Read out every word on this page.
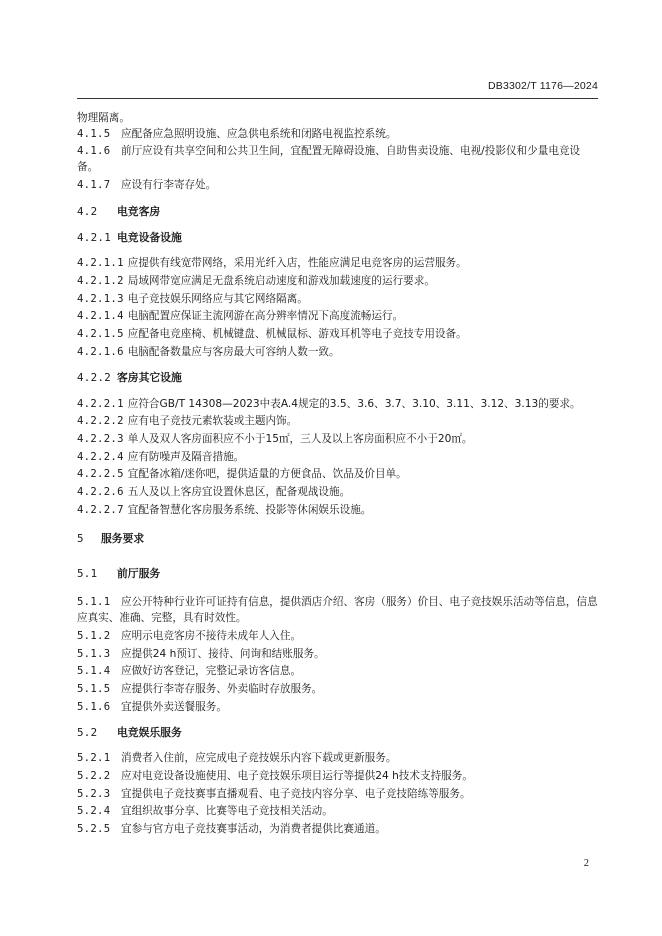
DB3302/T 1176—2024
物理隔离。
4.1.5 应配备应急照明设施、应急供电系统和闭路电视监控系统。
4.1.6 前厅应设有共享空间和公共卫生间，宜配置无障碍设施、自助售卖设施、电视/投影仪和少量电竞设备。
4.1.7 应设有行李寄存处。
4.2 电竞客房
4.2.1 电竞设备设施
4.2.1.1 应提供有线宽带网络，采用光纤入店，性能应满足电竞客房的运营服务。
4.2.1.2 局域网带宽应满足无盘系统启动速度和游戏加载速度的运行要求。
4.2.1.3 电子竞技娱乐网络应与其它网络隔离。
4.2.1.4 电脑配置应保证主流网游在高分辨率情况下高度流畅运行。
4.2.1.5 应配备电竞座椅、机械键盘、机械鼠标、游戏耳机等电子竞技专用设备。
4.2.1.6 电脑配备数量应与客房最大可容纳人数一致。
4.2.2 客房其它设施
4.2.2.1 应符合GB/T 14308—2023中表A.4规定的3.5、3.6、3.7、3.10、3.11、3.12、3.13的要求。
4.2.2.2 应有电子竞技元素软装或主题内饰。
4.2.2.3 单人及双人客房面积应不小于15㎡，三人及以上客房面积应不小于20㎡。
4.2.2.4 应有防噪声及隔音措施。
4.2.2.5 宜配备冰箱/迷你吧，提供适量的方便食品、饮品及价目单。
4.2.2.6 五人及以上客房宜设置休息区，配备观战设施。
4.2.2.7 宜配备智慧化客房服务系统、投影等休闲娱乐设施。
5 服务要求
5.1 前厅服务
5.1.1 应公开特种行业许可证持有信息，提供酒店介绍、客房（服务）价目、电子竞技娱乐活动等信息，信息应真实、准确、完整，具有时效性。
5.1.2 应明示电竞客房不接待未成年人入住。
5.1.3 应提供24 h预订、接待、问询和结账服务。
5.1.4 应做好访客登记，完整记录访客信息。
5.1.5 应提供行李寄存服务、外卖临时存放服务。
5.1.6 宜提供外卖送餐服务。
5.2 电竞娱乐服务
5.2.1 消费者入住前，应完成电子竞技娱乐内容下载或更新服务。
5.2.2 应对电竞设备设施使用、电子竞技娱乐项目运行等提供24 h技术支持服务。
5.2.3 宜提供电子竞技赛事直播观看、电子竞技内容分享、电子竞技陪练等服务。
5.2.4 宜组织故事分享、比赛等电子竞技相关活动。
5.2.5 宜参与官方电子竞技赛事活动，为消费者提供比赛通道。
2
